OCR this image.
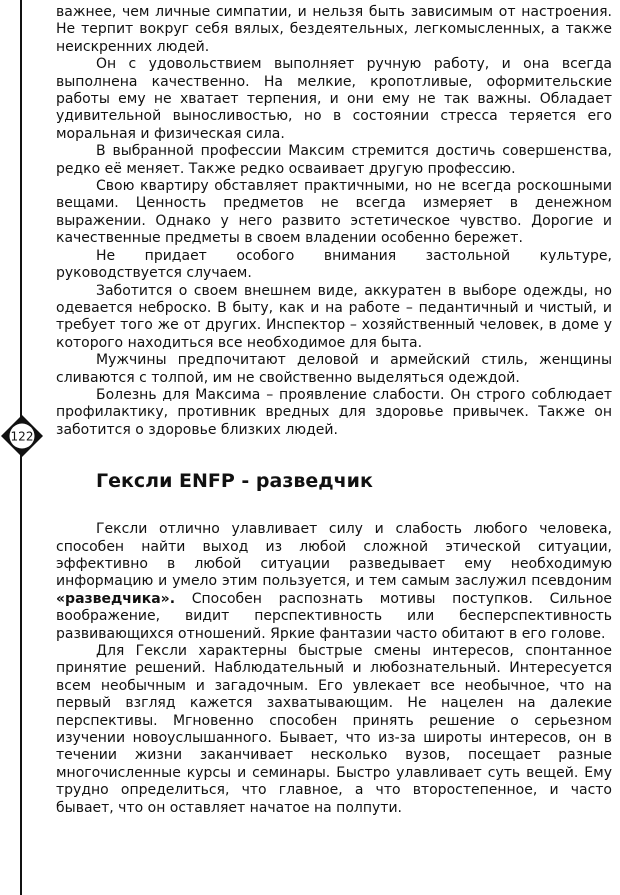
122

важнее, чем личные симпатии, и нельзя быть зависимым от настроения. Не терпит вокруг себя вялых, бездеятельных, легкомысленных, а также неискренних людей.

Он с удовольствием выполняет ручную работу, и она всегда выполнена качественно. На мелкие, кропотливые, оформительские работы ему не хватает терпения, и они ему не так важны. Обладает удивительной выносливостью, но в состоянии стресса теряется его моральная и физическая сила.

В выбранной профессии Максим стремится достичь совершенства, редко её меняет. Также редко осваивает другую профессию.

Свою квартиру обставляет практичными, но не всегда роскошными вещами. Ценность предметов не всегда измеряет в денежном выражении. Однако у него развито эстетическое чувство. Дорогие и качественные предметы в своем владении особенно бережет.

Не придает особого внимания застольной культуре, руководствуется случаем.

Заботится о своем внешнем виде, аккуратен в выборе одежды, но одевается неброско. В быту, как и на работе – педантичный и чистый, и требует того же от других. Инспектор – хозяйственный человек, в доме у которого находиться все необходимое для быта.

Мужчины предпочитают деловой и армейский стиль, женщины сливаются с толпой, им не свойственно выделяться одеждой.

Болезнь для Максима – проявление слабости. Он строго соблюдает профилактику, противник вредных для здоровье привычек. Также он заботится о здоровье близких людей.

Гексли ENFP - разведчик

Гексли отлично улавливает силу и слабость любого человека, способен найти выход из любой сложной этической ситуации, эффективно в любой ситуации разведывает ему необходимую информацию и умело этим пользуется, и тем самым заслужил псевдоним «разведчика». Способен распознать мотивы поступков. Сильное воображение, видит перспективность или бесперспективность развивающихся отношений. Яркие фантазии часто обитают в его голове.

Для Гексли характерны быстрые смены интересов, спонтанное принятие решений. Наблюдательный и любознательный. Интересуется всем необычным и загадочным. Его увлекает все необычное, что на первый взгляд кажется захватывающим. Не нацелен на далекие перспективы. Мгновенно способен принять решение о серьезном изучении новоуслышанного. Бывает, что из-за широты интересов, он в течении жизни заканчивает несколько вузов, посещает разные многочисленные курсы и семинары. Быстро улавливает суть вещей. Ему трудно определиться, что главное, а что второстепенное, и часто бывает, что он оставляет начатое на полпути.
